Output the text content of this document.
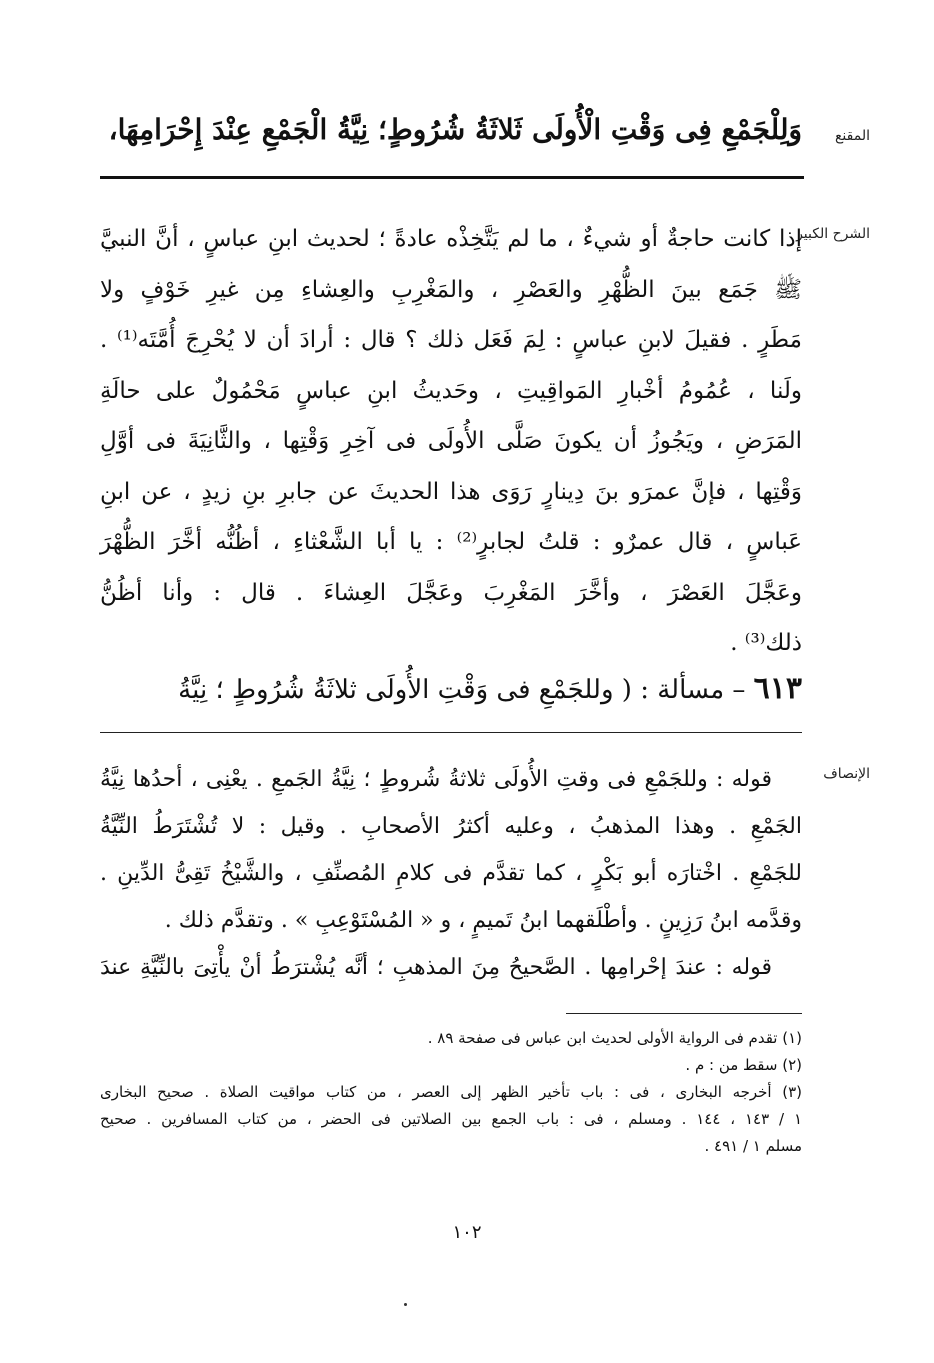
المقنع
وَلِلْجَمْعِ فِى وَقْتِ الْأُولَى ثَلاثَةُ شُرُوطٍ؛ نِيَّةُ الْجَمْعِ عِنْدَ إِحْرَامِهَا،
الشرح الكبير
إذا كانت حاجةٌ أو شيءٌ ، ما لم يَتَّخِذْه عادةً ؛ لحديث ابنِ عباسٍ ، أنَّ النبيَّ
ﷺ جَمَع بينَ الظُّهْرِ والعَصْرِ ، والمَغْرِبِ والعِشاءِ مِن غيرِ خَوْفٍ ولا
مَطَرٍ . فقيلَ لابنِ عباسٍ : لِمَ فَعَل ذلك ؟ قال : أرادَ أن لا يُحْرِجَ أُمَّتَه⁽¹⁾ .
ولَنا ، عُمُومُ أخْبارِ المَواقِيتِ ، وحَديثُ ابنِ عباسٍ مَحْمُولٌ على حالَةِ
المَرَضِ ، ويَجُوزُ أن يكونَ صَلَّى الأُولَى فى آخِرِ وَقْتِها ، والثَّانِيَةَ فى أوَّلِ
وَقْتِها ، فإنَّ عمرَو بنَ دِينارٍ رَوَى هذا الحديثَ عن جابرِ بنِ زيدٍ ، عن ابنِ
عَباسٍ ، قال عمرٌو : قلتُ لجابرٍ⁽²⁾ : يا أبا الشَّعْثاءِ ، أظُنُّه أخَّرَ الظُّهْرَ
وعَجَّلَ العَصْرَ ، وأخَّرَ المَغْرِبَ وعَجَّلَ العِشاءَ . قال : وأنا أظُنُّ
ذلك⁽³⁾ .
٦١٣ – مسألة : ( وللجَمْعِ فى وَقْتِ الأُولَى ثلاثَةُ شُرُوطٍ ؛ نِيَّةُ
الإنصاف
قوله : وللجَمْعِ فى وقتِ الأُولَى ثلاثةُ شُروطٍ ؛ نِيَّةُ الجَمعِ . يعْنِى ، أحدُها نِيَّةُ
الجَمْعِ . وهذا المذهبُ ، وعليه أكثرُ الأصحابِ . وقيل : لا تُشْتَرَطُ النِّيَّةُ
للجَمْعِ . اخْتارَه أبو بَكْرٍ ، كما تقدَّم فى كلامِ المُصنِّفِ ، والشَّيْخُ تَقِىُّ الدِّينِ .
وقدَّمه ابنُ رَزِينٍ . وأطْلَقهما ابنُ تَميمٍ ، و « المُسْتَوْعِبِ » . وتقدَّم ذلك .
قوله : عندَ إحْرامِها . الصَّحيحُ مِنَ المذهبِ ؛ أنَّه يُشْترَطُ أنْ يأْتِىَ بالنِّيَّةِ عندَ
(١) تقدم فى الرواية الأولى لحديث ابن عباس فى صفحة ٨٩ .
(٢) سقط من : م .
(٣) أخرجه البخارى ، فى : باب تأخير الظهر إلى العصر ، من كتاب مواقيت الصلاة . صحيح البخارى
١ / ١٤٣ ، ١٤٤ . ومسلم ، فى : باب الجمع بين الصلاتين فى الحضر ، من كتاب المسافرين . صحيح
مسلم ١ / ٤٩١ .
١٠٢
